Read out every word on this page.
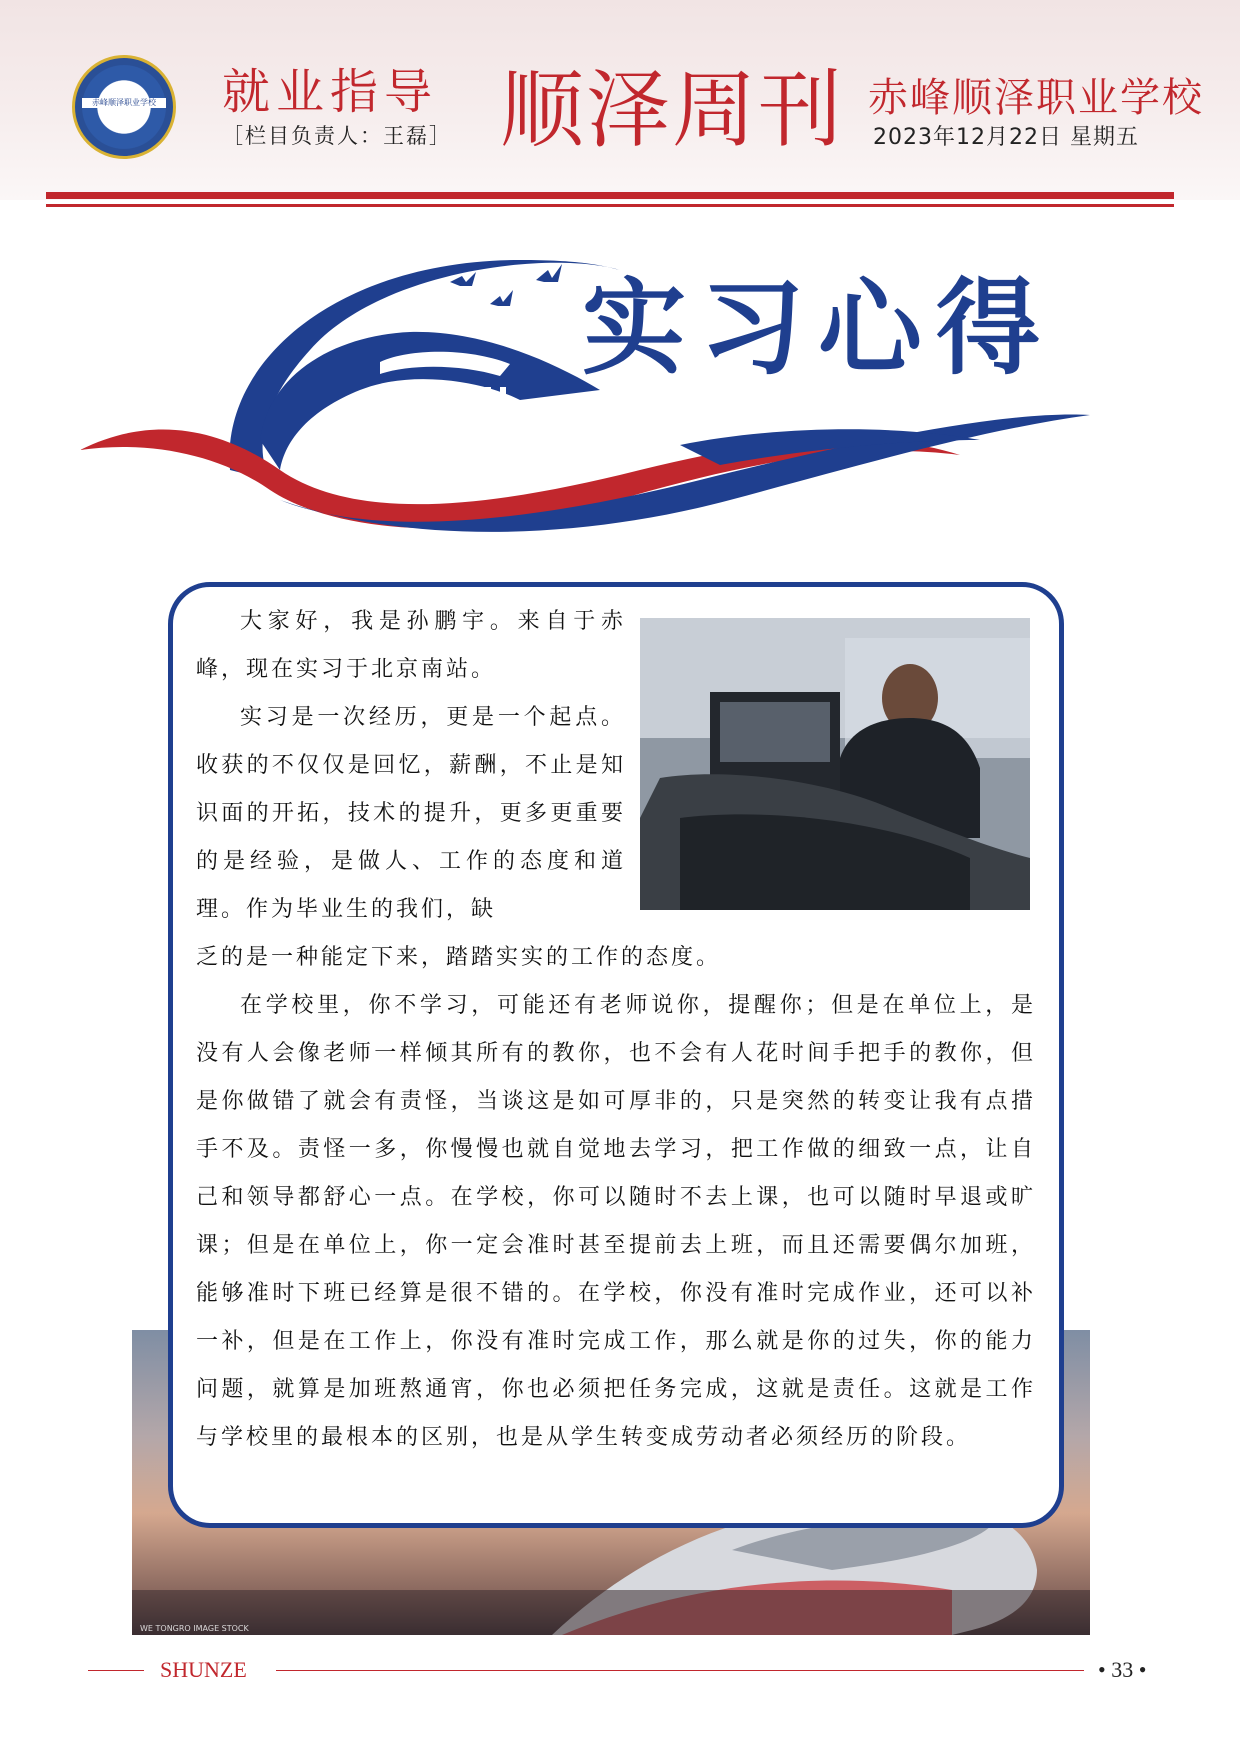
赤峰顺泽职业学校 就业指导
［栏目负责人：王磊］ 顺泽周刊 赤峰顺泽职业学校
2023年12月22日 星期五
实习心得
WE TONGRO IMAGE STOCK

大家好，我是孙鹏宇。来自于赤峰，现在实习于北京南站。

实习是一次经历，更是一个起点。收获的不仅仅是回忆，薪酬，不止是知识面的开拓，技术的提升，更多更重要的是经验，是做人、工作的态度和道理。作为毕业生的我们，缺

乏的是一种能定下来，踏踏实实的工作的态度。

在学校里，你不学习，可能还有老师说你，提醒你；但是在单位上，是没有人会像老师一样倾其所有的教你，也不会有人花时间手把手的教你，但是你做错了就会有责怪，当谈这是如可厚非的，只是突然的转变让我有点措手不及。责怪一多，你慢慢也就自觉地去学习，把工作做的细致一点，让自己和领导都舒心一点。在学校，你可以随时不去上课，也可以随时早退或旷课；但是在单位上，你一定会准时甚至提前去上班，而且还需要偶尔加班，能够准时下班已经算是很不错的。在学校，你没有准时完成作业，还可以补一补，但是在工作上，你没有准时完成工作，那么就是你的过失，你的能力问题，就算是加班熬通宵，你也必须把任务完成，这就是责任。这就是工作与学校里的最根本的区别，也是从学生转变成劳动者必须经历的阶段。

SHUNZE	• 33 •
